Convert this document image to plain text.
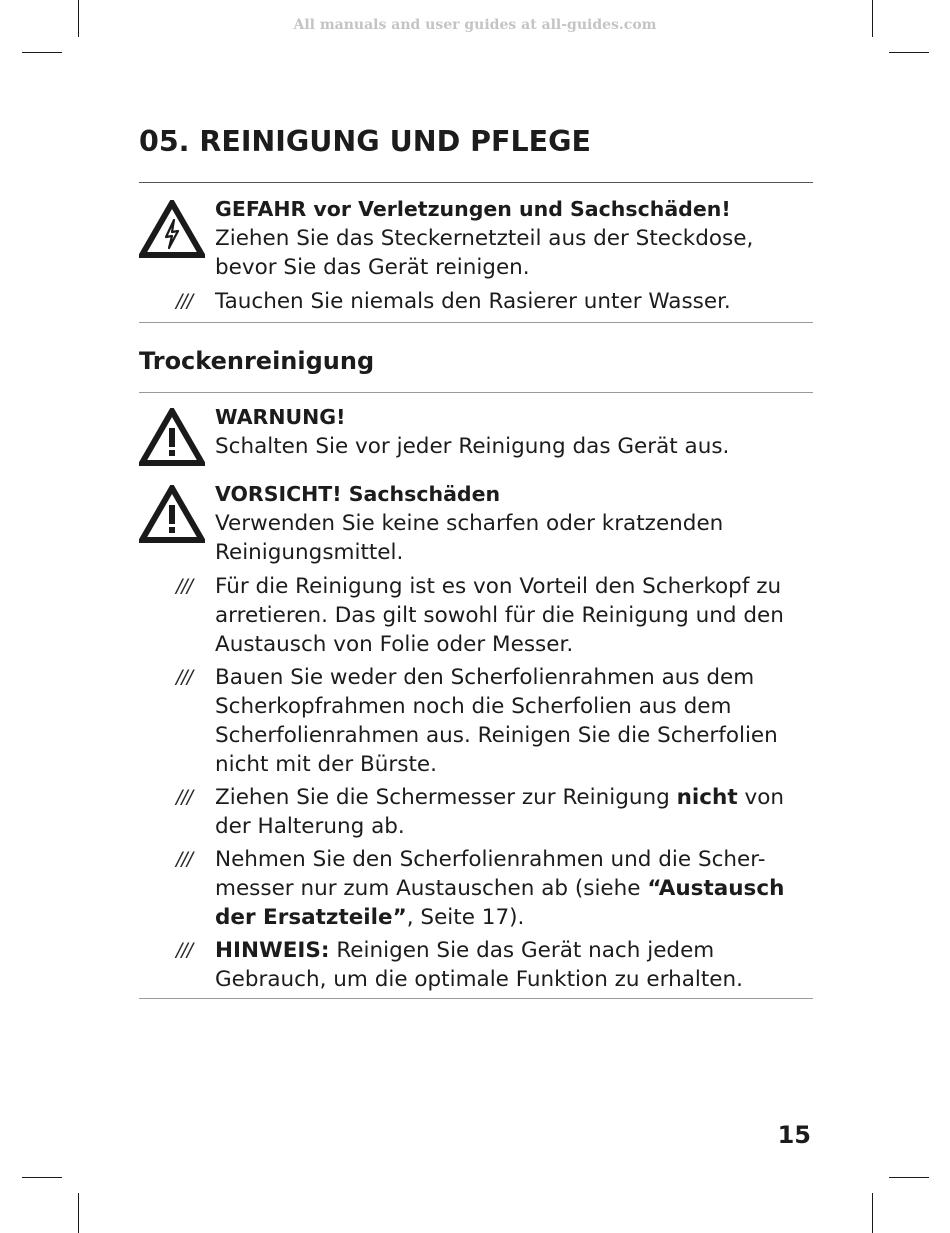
All manuals and user guides at all-guides.com
05. REINIGUNG UND PFLEGE
GEFAHR vor Verletzungen und Sachschäden!
Ziehen Sie das Steckernetzteil aus der Steckdose, bevor Sie das Gerät reinigen.
/// Tauchen Sie niemals den Rasierer unter Wasser.
Trockenreinigung
WARNUNG!
Schalten Sie vor jeder Reinigung das Gerät aus.
VORSICHT! Sachschäden
Verwenden Sie keine scharfen oder kratzenden Reinigungsmittel.
/// Für die Reinigung ist es von Vorteil den Scherkopf zu arretieren. Das gilt sowohl für die Reinigung und den Austausch von Folie oder Messer.
/// Bauen Sie weder den Scherfolienrahmen aus dem Scherkopfrahmen noch die Scherfolien aus dem Scherfolienrahmen aus. Reinigen Sie die Scherfolien nicht mit der Bürste.
/// Ziehen Sie die Schermesser zur Reinigung nicht von der Halterung ab.
/// Nehmen Sie den Scherfolienrahmen und die Scher-messer nur zum Austauschen ab (siehe “Austausch der Ersatzteile”, Seite 17).
/// HINWEIS: Reinigen Sie das Gerät nach jedem Gebrauch, um die optimale Funktion zu erhalten.
15
